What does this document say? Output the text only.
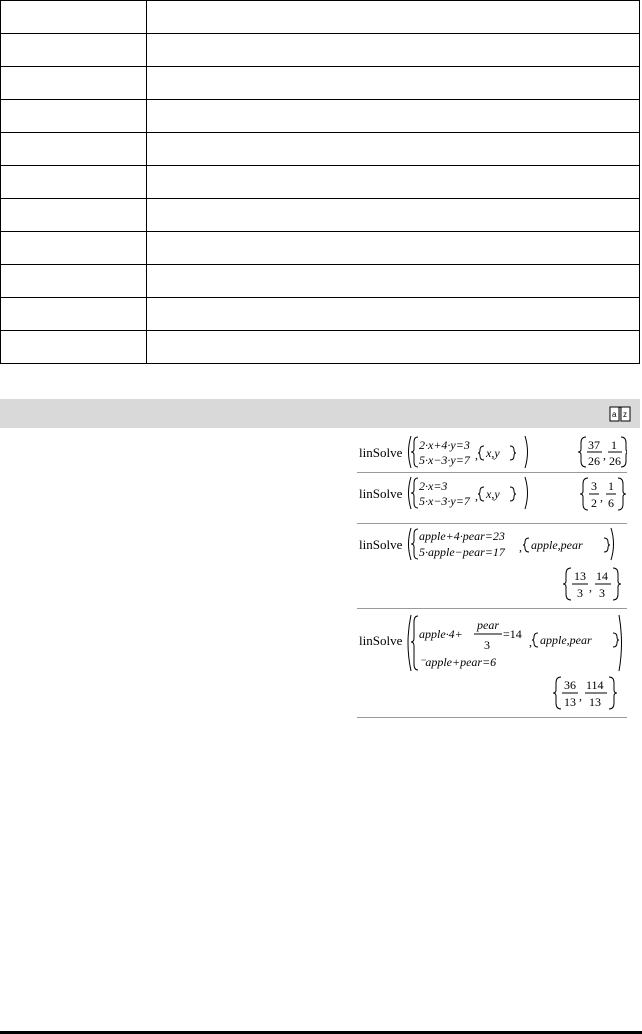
a z
linSolve 2·x+4·y=3
5·x−3·y=7 , x,y
37
26 ,
1
26
linSolve 2·x=3
5·x−3·y=7 , x,y
3
2 ,
1
6
linSolve
apple+4·pear=23
5·apple−pear=17 , apple,pear
13
3 ,
14
3
linSolve apple·4+
pear
3
=14
⁻apple+pear=6
, apple,pear
36
13 ,
114
13
